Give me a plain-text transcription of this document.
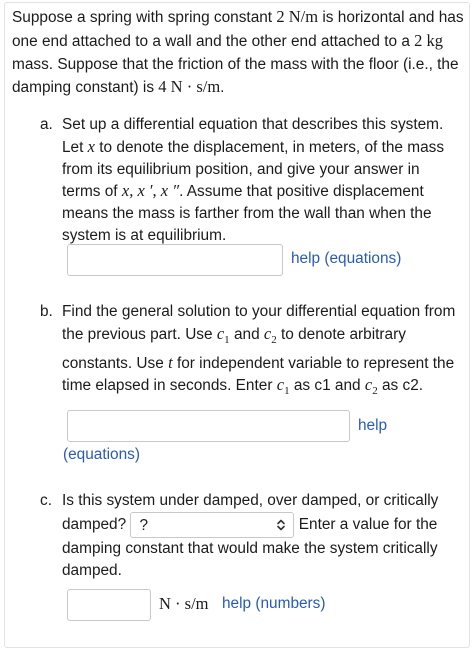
Suppose a spring with spring constant 2 N/m is horizontal and has one end attached to a wall and the other end attached to a 2 kg mass. Suppose that the friction of the mass with the floor (i.e., the damping constant) is 4 N · s/m.
a. Set up a differential equation that describes this system. Let x to denote the displacement, in meters, of the mass from its equilibrium position, and give your answer in terms of x, x ′, x ″. Assume that positive displacement means the mass is farther from the wall than when the system is at equilibrium.
help (equations)
b. Find the general solution to your differential equation from the previous part. Use $c_1$ and $c_2$ to denote arbitrary constants. Use t for independent variable to represent the time elapsed in seconds. Enter $c_1$ as c1 and $c_2$ as c2.
help
(equations)
c. Is this system under damped, over damped, or critically damped? ?	Enter a value for the damping constant that would make the system critically damped.
N · s/m help (numbers)
